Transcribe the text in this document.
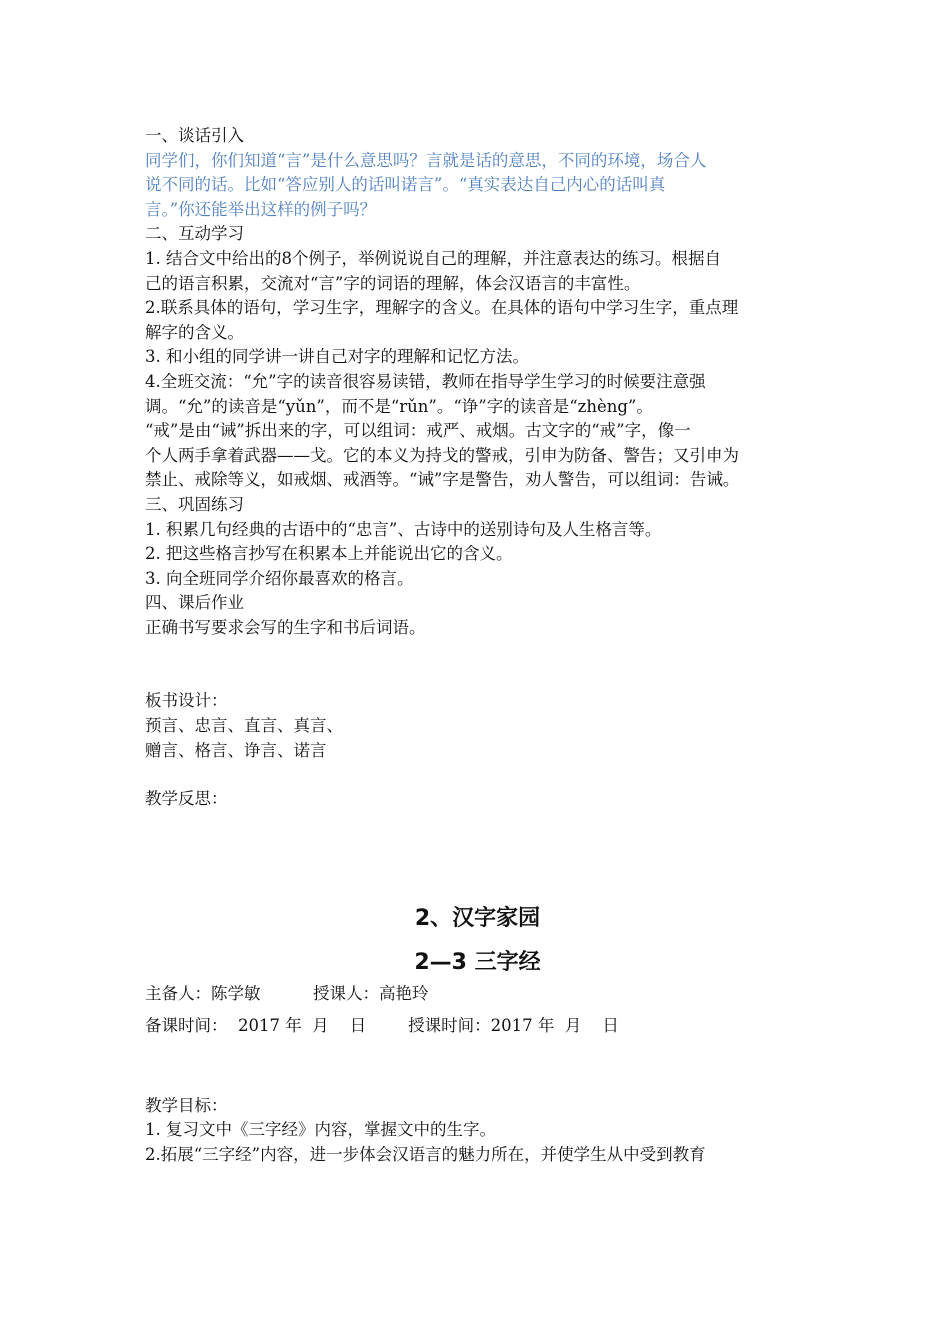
一、谈话引入
同学们，你们知道“言”是什么意思吗？言就是话的意思，不同的环境，场合人
说不同的话。比如“答应别人的话叫诺言”。“真实表达自己内心的话叫真
言。”你还能举出这样的例子吗？
二、互动学习
1. 结合文中给出的8个例子，举例说说自己的理解，并注意表达的练习。根据自
己的语言积累，交流对“言”字的词语的理解，体会汉语言的丰富性。
2.联系具体的语句，学习生字，理解字的含义。在具体的语句中学习生字，重点理
解字的含义。
3. 和小组的同学讲一讲自己对字的理解和记忆方法。
4.全班交流：“允”字的读音很容易读错，教师在指导学生学习的时候要注意强
调。“允”的读音是“yǔn”，而不是“rǔn”。“诤”字的读音是“zhèng”。
“戒”是由“诫”拆出来的字，可以组词：戒严、戒烟。古文字的“戒”字，像一
个人两手拿着武器——戈。它的本义为持戈的警戒，引申为防备、警告；又引申为
禁止、戒除等义，如戒烟、戒酒等。“诫”字是警告，劝人警告，可以组词：告诫。
三、巩固练习
1. 积累几句经典的古语中的“忠言”、古诗中的送别诗句及人生格言等。
2. 把这些格言抄写在积累本上并能说出它的含义。
3. 向全班同学介绍你最喜欢的格言。
四、课后作业
正确书写要求会写的生字和书后词语。
板书设计：
预言、忠言、直言、真言、
赠言、格言、诤言、诺言
教学反思：
2、汉字家园
2—3 三字经
主备人：陈学敏          授课人：高艳玲
备课时间：  2017 年  月    日        授课时间：2017 年  月    日
教学目标：
1. 复习文中《三字经》内容，掌握文中的生字。
2.拓展“三字经”内容，进一步体会汉语言的魅力所在，并使学生从中受到教育
